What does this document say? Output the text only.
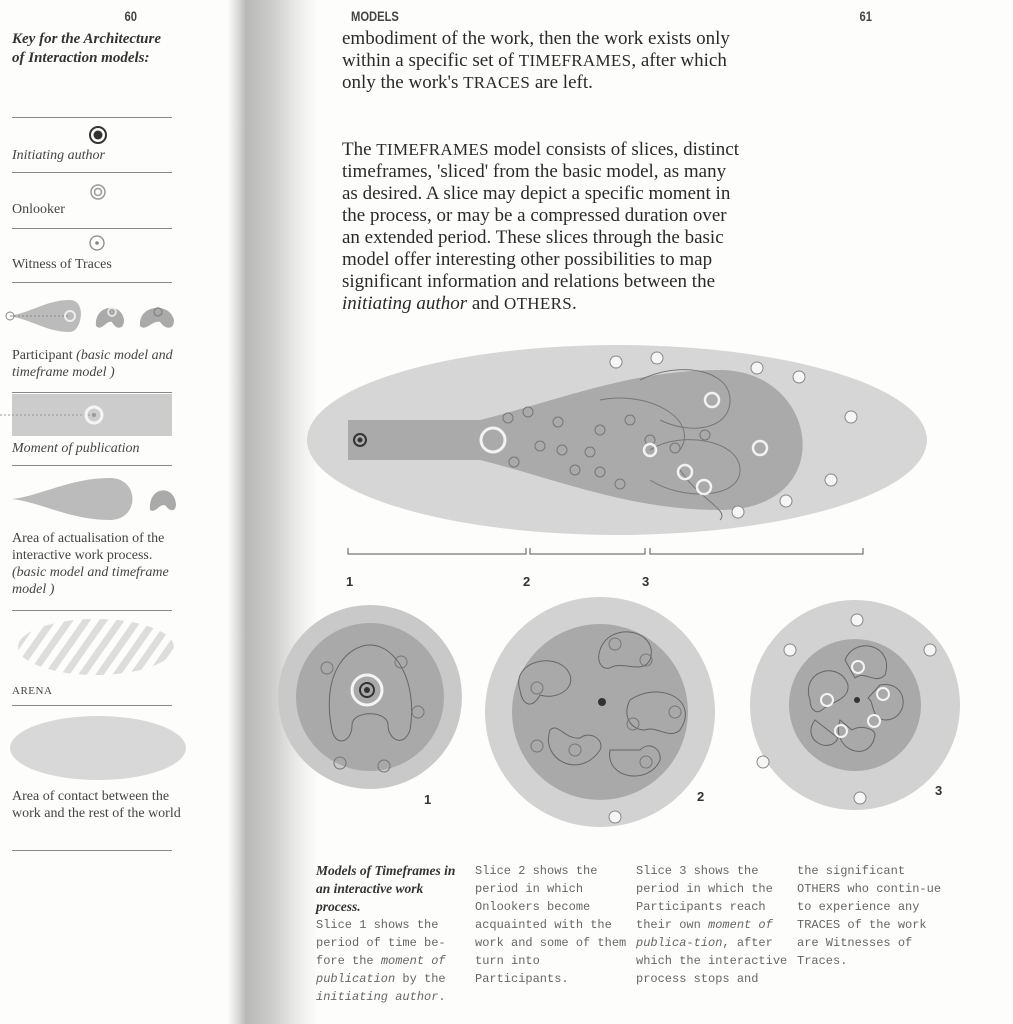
60
Key for the Architecture of Interaction models:
Initiating author
Onlooker
Witness of Traces
Participant (basic model and timeframe model )
Moment of publication
Area of actualisation of the interactive work process. (basic model and timeframe model )
ARENA
Area of contact between the work and the rest of the world
MODELS	61
embodiment of the work, then the work exists only within a specific set of TIMEFRAMES, after which only the work's TRACES are left.
The TIMEFRAMES model consists of slices, distinct timeframes, 'sliced' from the basic model, as many as desired. A slice may depict a specific moment in the process, or may be a compressed duration over an extended period. These slices through the basic model offer interesting other possibilities to map significant information and relations between the initiating author and OTHERS.
1	2	3
1	2	3
Models of Timeframes in an interactive work process.
Slice 1 shows the period of time be-fore the moment of publication by the initiating author.
Slice 2 shows the period in which Onlookers become acquainted with the work and some of them turn into Participants.
Slice 3 shows the period in which the Participants reach their own moment of publica-tion, after which the interactive process stops and
the significant OTHERS who contin-ue to experience any TRACES of the work are Witnesses of Traces.
